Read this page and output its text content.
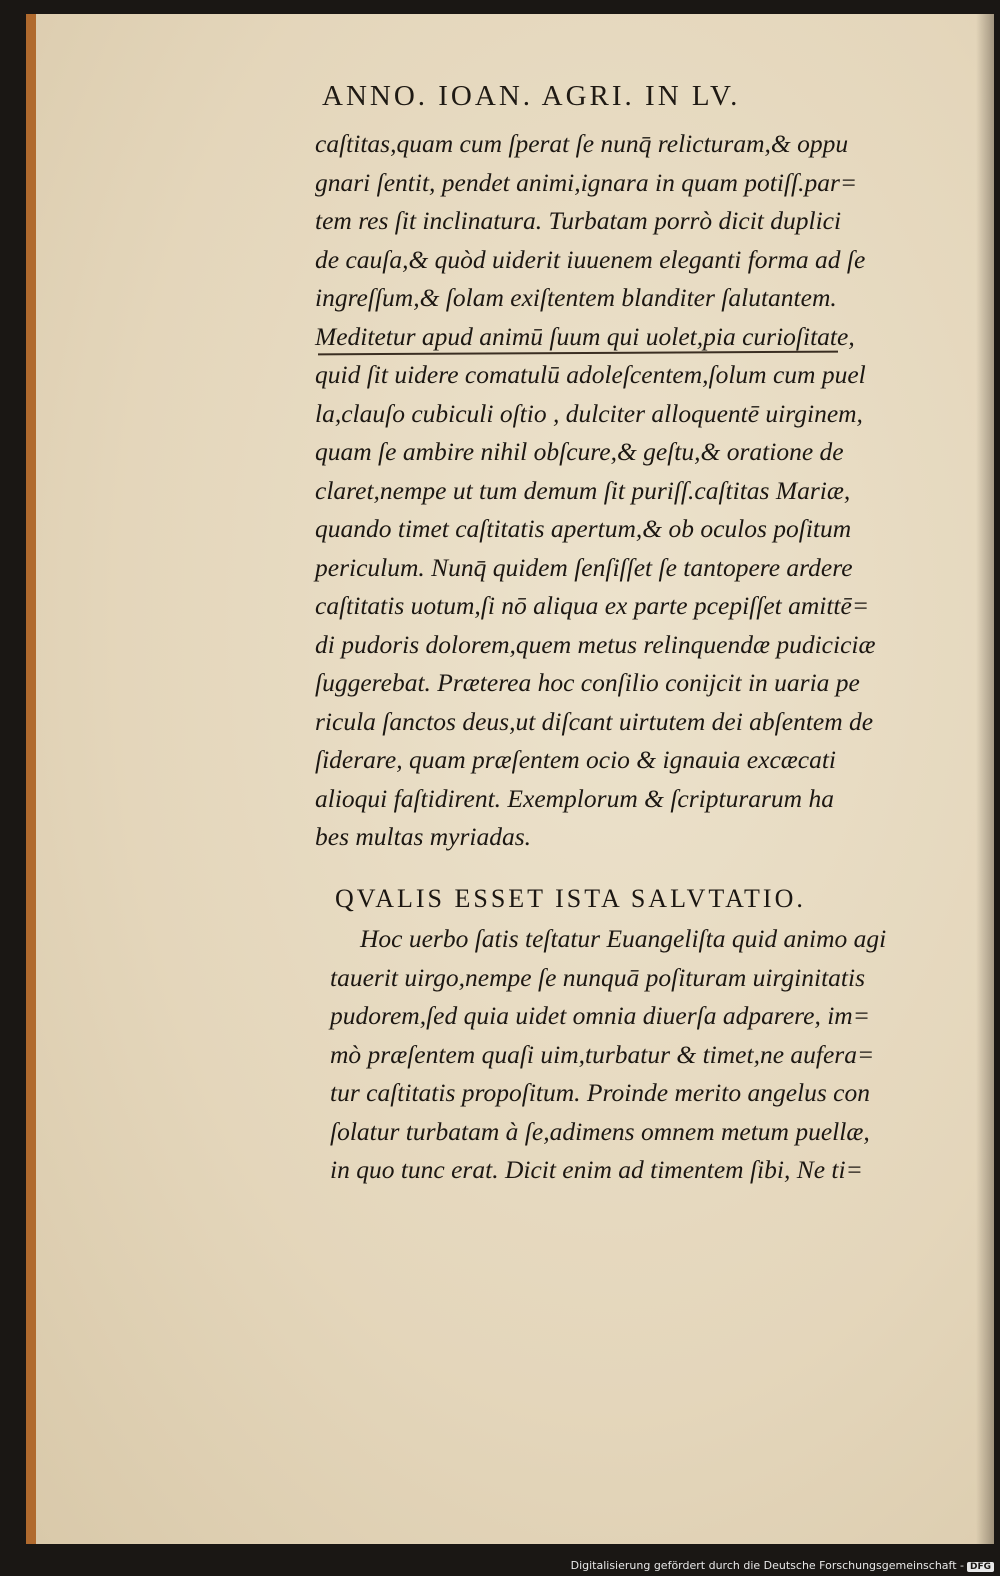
ANNO. IOAN. AGRI. IN LV.
caſtitas,quam cum ſperat ſe nunq̄ relicturam,& oppu
gnari ſentit, pendet animi,ignara in quam potiſſ.par=
tem res ſit inclinatura. Turbatam porrò dicit duplici
de cauſa,& quòd uiderit iuuenem eleganti forma ad ſe
ingreſſum,& ſolam exiſtentem blanditer ſalutantem.
Meditetur apud animū ſuum qui uolet,pia curioſitate,
quid ſit uidere comatulū adoleſcentem,ſolum cum puel
la,clauſo cubiculi oſtio , dulciter alloquentē uirginem,
quam ſe ambire nihil obſcure,& geſtu,& oratione de
claret,nempe ut tum demum ſit puriſſ.caſtitas Mariæ,
quando timet caſtitatis apertum,& ob oculos poſitum
periculum. Nunq̄ quidem ſenſiſſet ſe tantopere ardere
caſtitatis uotum,ſi nō aliqua ex parte pcepiſſet amittē=
di pudoris dolorem,quem metus relinquendæ pudiciciæ
ſuggerebat. Præterea hoc conſilio conijcit in uaria pe
ricula ſanctos deus,ut diſcant uirtutem dei abſentem de
ſiderare, quam præſentem ocio & ignauia excæcati
alioqui faſtidirent. Exemplorum & ſcripturarum ha
bes multas myriadas.
QVALIS ESSET ISTA SALVTATIO.
Hoc uerbo ſatis teſtatur Euangeliſta quid animo agi
tauerit uirgo,nempe ſe nunquā poſituram uirginitatis
pudorem,ſed quia uidet omnia diuerſa adparere, im=
mò præſentem quaſi uim,turbatur & timet,ne aufera=
tur caſtitatis propoſitum. Proinde merito angelus con
ſolatur turbatam à ſe,adimens omnem metum puellæ,
in quo tunc erat. Dicit enim ad timentem ſibi, Ne ti=
Digitalisierung gefördert durch die Deutsche Forschungsgemeinschaft - DFG
